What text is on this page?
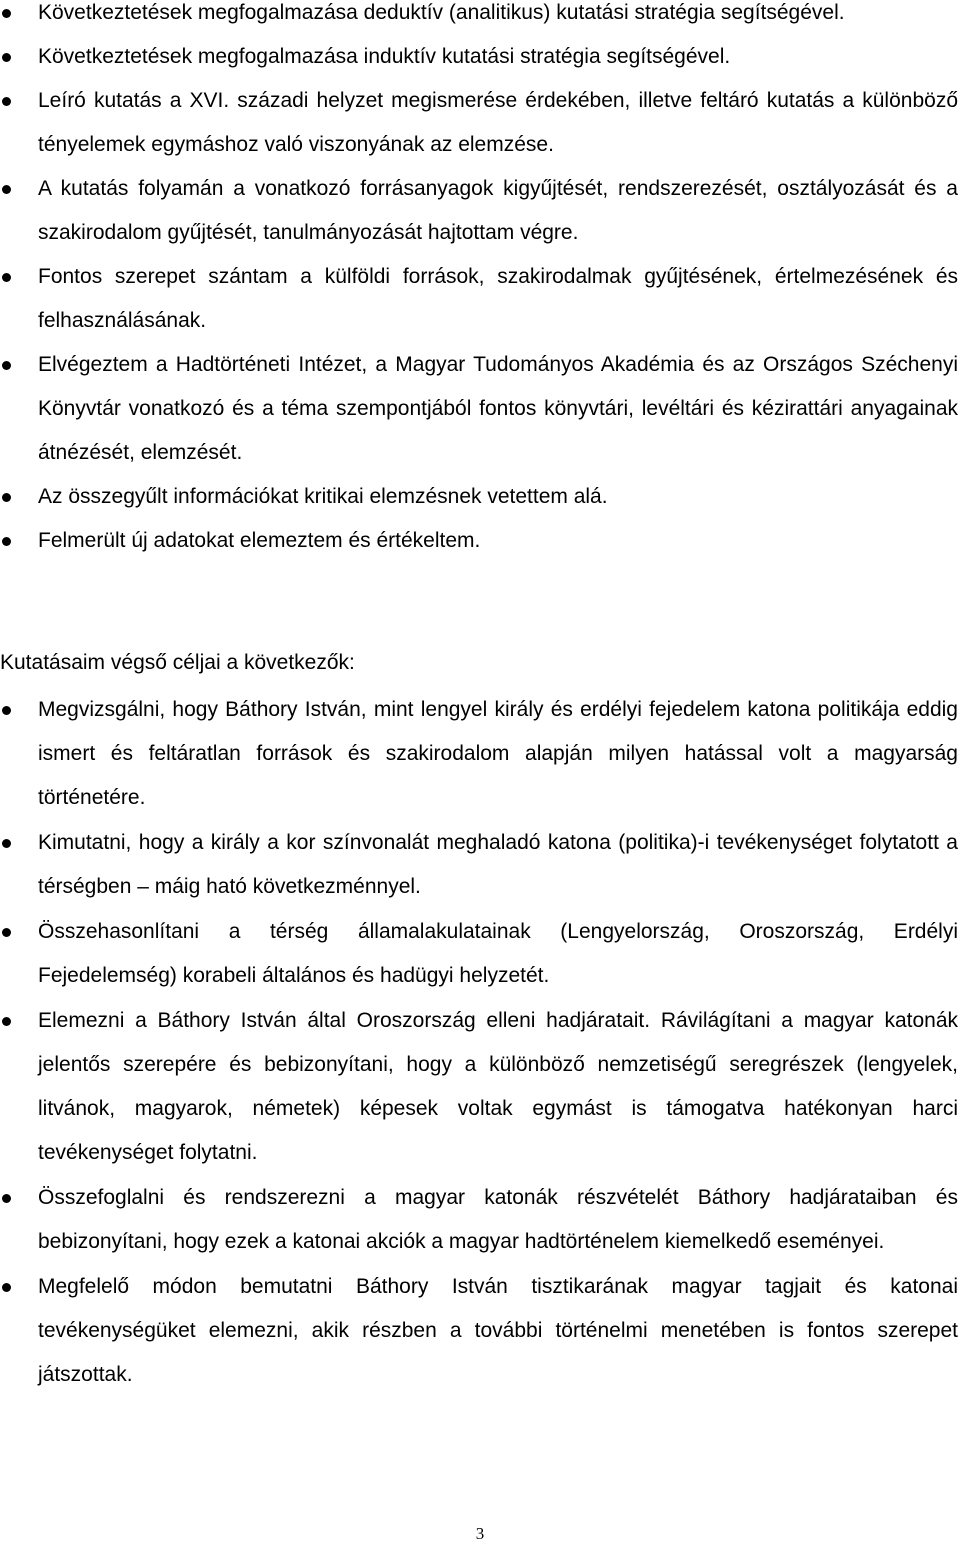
Következtetések megfogalmazása deduktív (analitikus) kutatási stratégia segítségével.
Következtetések megfogalmazása induktív kutatási stratégia segítségével.
Leíró kutatás a XVI. századi helyzet megismerése érdekében, illetve feltáró kutatás a különböző tényelemek egymáshoz való viszonyának az elemzése.
A kutatás folyamán a vonatkozó forrásanyagok kigyűjtését, rendszerezését, osztályozását és a szakirodalom gyűjtését, tanulmányozását hajtottam végre.
Fontos szerepet szántam a külföldi források, szakirodalmak gyűjtésének, értelmezésének és felhasználásának.
Elvégeztem a Hadtörténeti Intézet, a Magyar Tudományos Akadémia és az Országos Széchenyi Könyvtár vonatkozó és a téma szempontjából fontos könyvtári, levéltári és kézirattári anyagainak átnézését, elemzését.
Az összegyűlt információkat kritikai elemzésnek vetettem alá.
Felmerült új adatokat elemeztem és értékeltem.

Kutatásaim végső céljai a következők:

Megvizsgálni, hogy Báthory István, mint lengyel király és erdélyi fejedelem katona politikája eddig ismert és feltáratlan források és szakirodalom alapján milyen hatással volt a magyarság történetére.
Kimutatni, hogy a király a kor színvonalát meghaladó katona (politika)-i tevékenységet folytatott a térségben – máig ható következménnyel.
Összehasonlítani a térség államalakulatainak (Lengyelország, Oroszország, Erdélyi Fejedelemség) korabeli általános és hadügyi helyzetét.
Elemezni a Báthory István által Oroszország elleni hadjáratait. Rávilágítani a magyar katonák jelentős szerepére és bebizonyítani, hogy a különböző nemzetiségű seregrészek (lengyelek, litvánok, magyarok, németek) képesek voltak egymást is támogatva hatékonyan harci tevékenységet folytatni.
Összefoglalni és rendszerezni a magyar katonák részvételét Báthory hadjárataiban és bebizonyítani, hogy ezek a katonai akciók a magyar hadtörténelem kiemelkedő eseményei.
Megfelelő módon bemutatni Báthory István tisztikarának magyar tagjait és katonai tevékenységüket elemezni, akik részben a további történelmi menetében is fontos szerepet játszottak.
3
